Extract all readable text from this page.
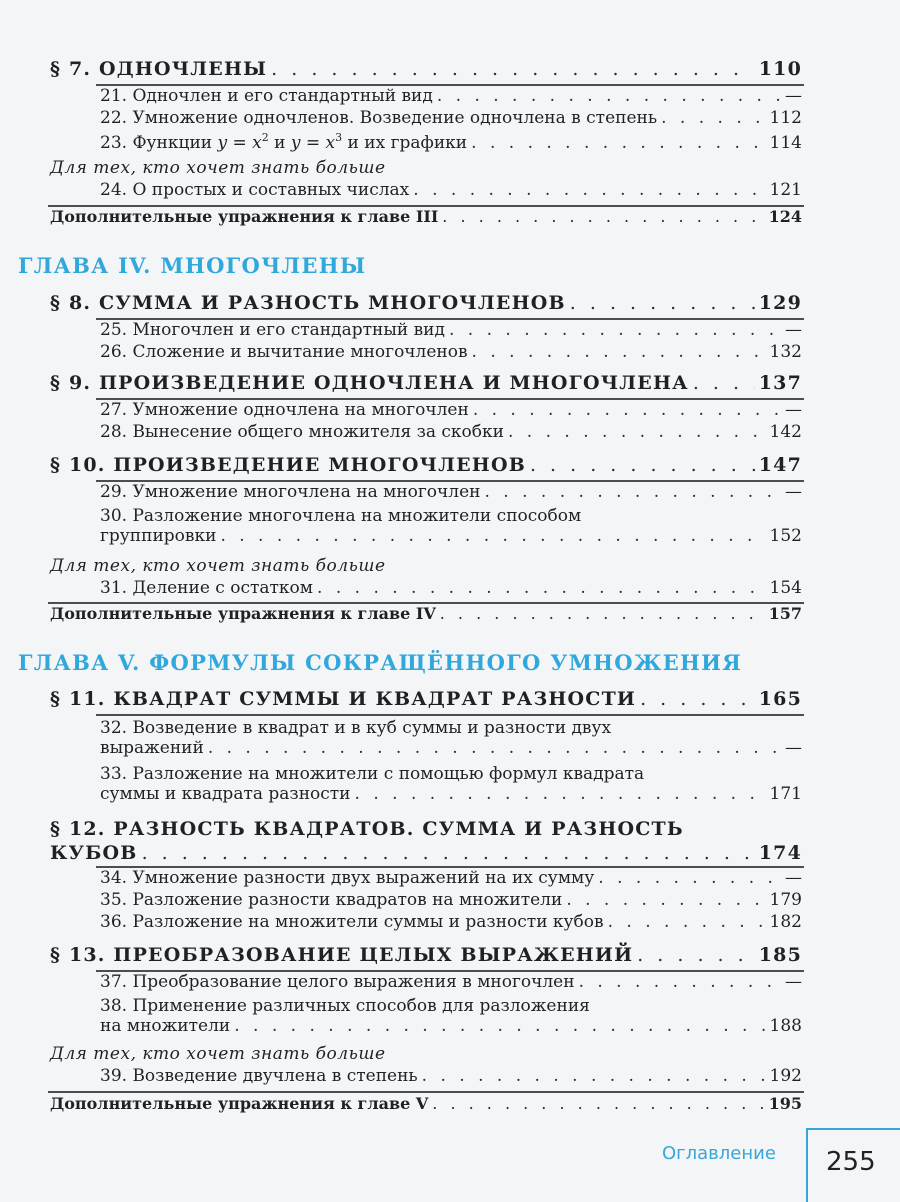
§ 7. ОДНОЧЛЕНЫ . . .	110
21. Одночлен и его стандартный вид . . .	—
22. Умножение одночленов. Возведение одночлена в степень . . .	112
23. Функции $y = x^2$ и $y = x^3$ и их графики . . .	114
Для тех, кто хочет знать больше
24. О простых и составных числах . . .	121
Дополнительные упражнения к главе III . . .	124
ГЛАВА IV. МНОГОЧЛЕНЫ
§ 8. СУММА И РАЗНОСТЬ МНОГОЧЛЕНОВ . . .	129
25. Многочлен и его стандартный вид . . .	—
26. Сложение и вычитание многочленов . . .	132
§ 9. ПРОИЗВЕДЕНИЕ ОДНОЧЛЕНА И МНОГОЧЛЕНА . . .	137
27. Умножение одночлена на многочлен . . .	—
28. Вынесение общего множителя за скобки . . .	142
§ 10. ПРОИЗВЕДЕНИЕ МНОГОЧЛЕНОВ . . .	147
29. Умножение многочлена на многочлен . . .	—
30. Разложение многочлена на множители способом
группировки . . .	152
Для тех, кто хочет знать больше
31. Деление с остатком . . .	154
Дополнительные упражнения к главе IV . . .	157
ГЛАВА V. ФОРМУЛЫ СОКРАЩЁННОГО УМНОЖЕНИЯ
§ 11. КВАДРАТ СУММЫ И КВАДРАТ РАЗНОСТИ . . .	165
32. Возведение в квадрат и в куб суммы и разности двух
выражений . . .	—
33. Разложение на множители с помощью формул квадрата
суммы и квадрата разности . . .	171
§ 12. РАЗНОСТЬ КВАДРАТОВ. СУММА И РАЗНОСТЬ
КУБОВ . . .	174
34. Умножение разности двух выражений на их сумму . . .	—
35. Разложение разности квадратов на множители . . .	179
36. Разложение на множители суммы и разности кубов . . .	182
§ 13. ПРЕОБРАЗОВАНИЕ ЦЕЛЫХ ВЫРАЖЕНИЙ . . .	185
37. Преобразование целого выражения в многочлен . . .	—
38. Применение различных способов для разложения
на множители . . .	188
Для тех, кто хочет знать больше
39. Возведение двучлена в степень . . .	192
Дополнительные упражнения к главе V . . .	195
Оглавление 255
